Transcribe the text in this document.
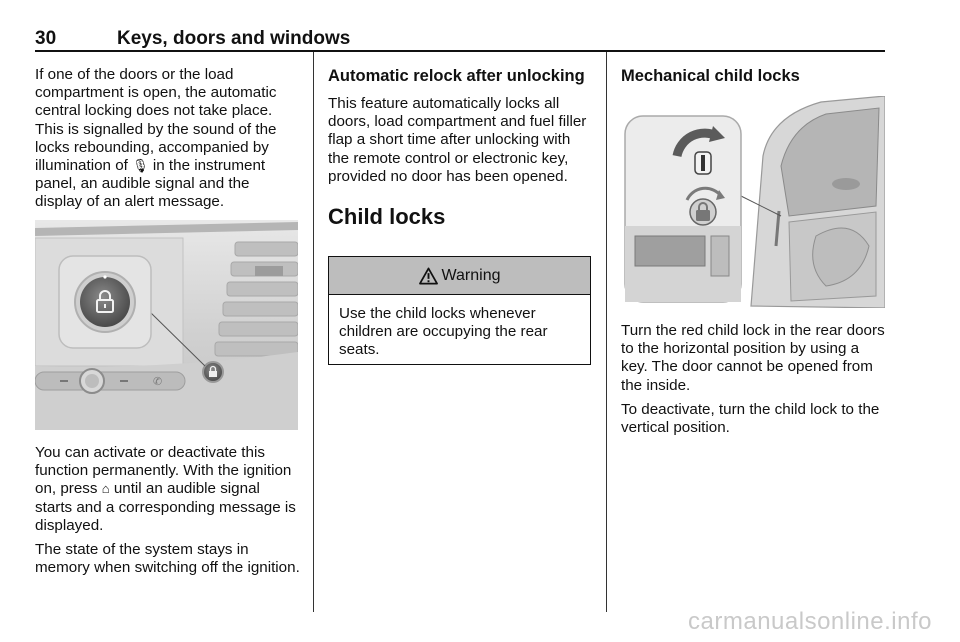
30	Keys, doors and windows

If one of the doors or the load compartment is open, the automatic central locking does not take place. This is signalled by the sound of the locks rebounding, accompanied by illumination of 🎙︎ in the instrument panel, an audible signal and the display of an alert message.

✆

You can activate or deactivate this function permanently. With the ignition on, press ⌂ until an audible signal starts and a corresponding message is displayed.

The state of the system stays in memory when switching off the ignition.

Automatic relock after unlocking

This feature automatically locks all doors, load compartment and fuel filler flap a short time after unlocking with the remote control or electronic key, provided no door has been opened.

Child locks
Warning

Use the child locks whenever children are occupying the rear seats.

Mechanical child locks

Turn the red child lock in the rear doors to the horizontal position by using a key. The door cannot be opened from the inside.

To deactivate, turn the child lock to the vertical position.

carmanualsonline.info
